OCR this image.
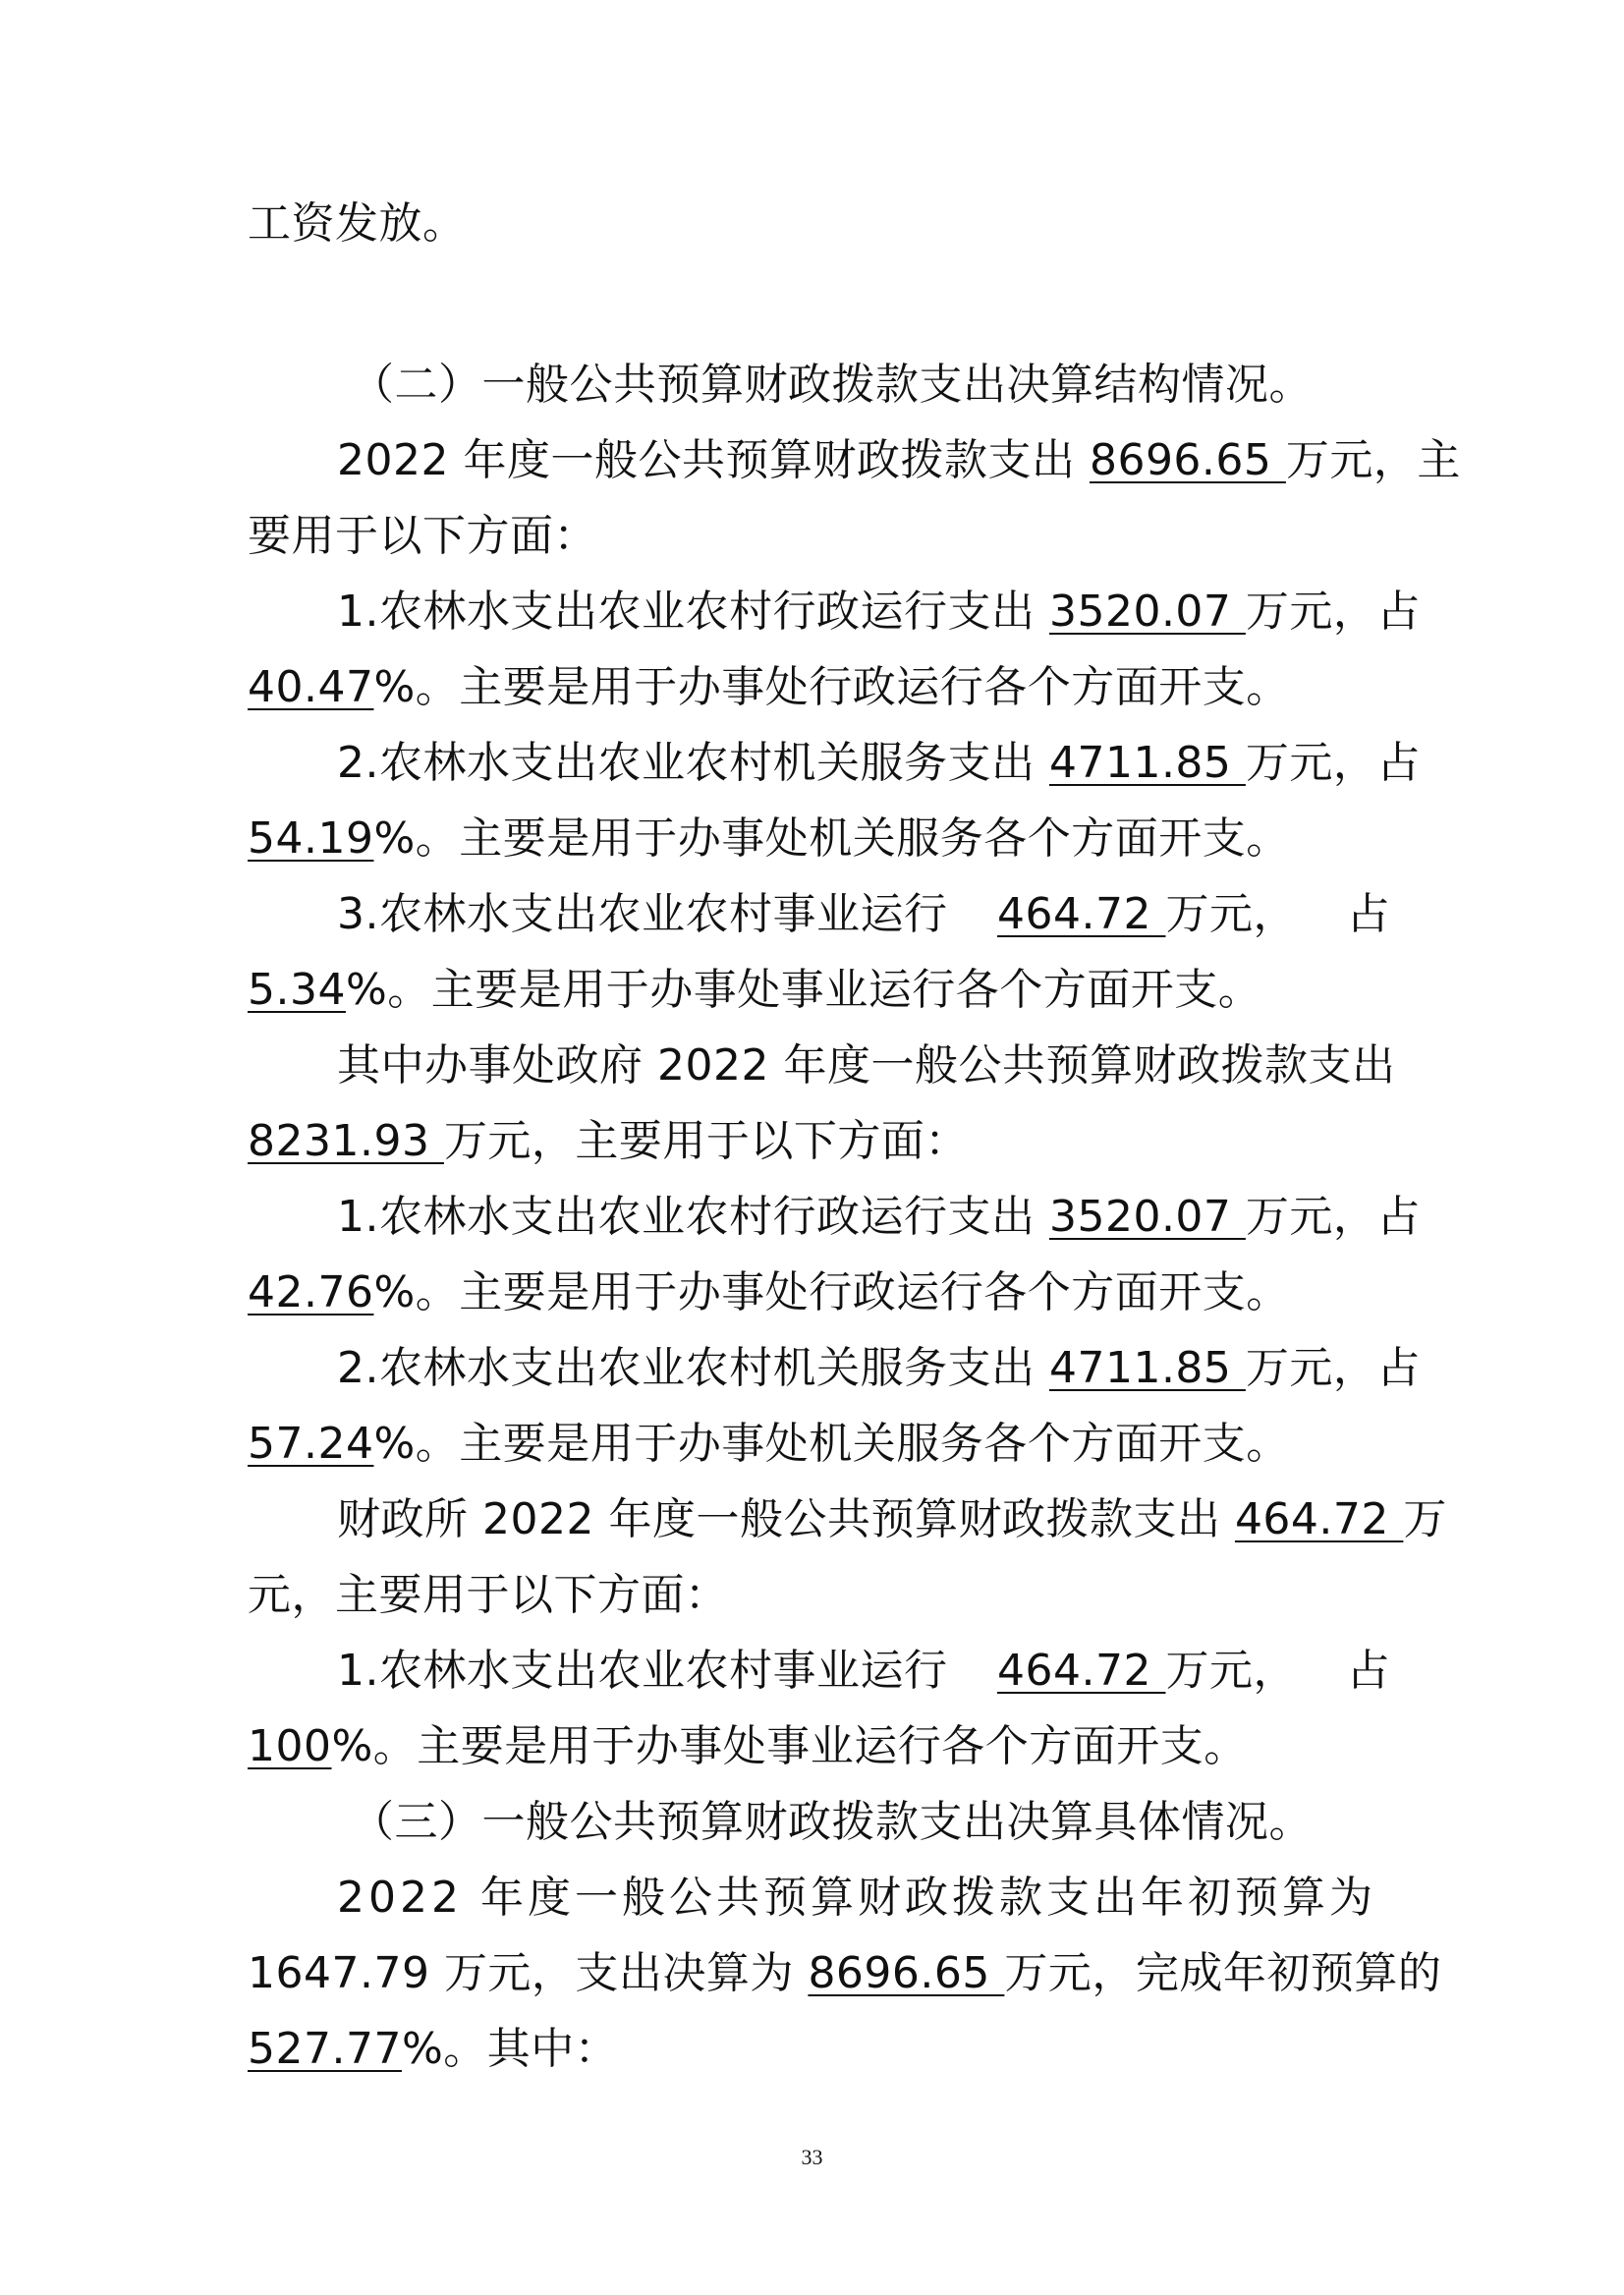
工资发放。
（二）一般公共预算财政拨款支出决算结构情况。
2022 年度一般公共预算财政拨款支出 8696.65 万元，主
要用于以下方面：
1.农林水支出农业农村行政运行支出 3520.07 万元，占
40.47%。主要是用于办事处行政运行各个方面开支。
2.农林水支出农业农村机关服务支出 4711.85 万元，占
54.19%。主要是用于办事处机关服务各个方面开支。
3.农林水支出农业农村事业运行 464.72 万元， 占
5.34%。主要是用于办事处事业运行各个方面开支。
其中办事处政府 2022 年度一般公共预算财政拨款支出
8231.93 万元，主要用于以下方面：
1.农林水支出农业农村行政运行支出 3520.07 万元，占
42.76%。主要是用于办事处行政运行各个方面开支。
2.农林水支出农业农村机关服务支出 4711.85 万元，占
57.24%。主要是用于办事处机关服务各个方面开支。
财政所 2022 年度一般公共预算财政拨款支出 464.72 万
元，主要用于以下方面：
1.农林水支出农业农村事业运行 464.72 万元， 占
100%。主要是用于办事处事业运行各个方面开支。
（三）一般公共预算财政拨款支出决算具体情况。
2022 年度一般公共预算财政拨款支出年初预算为
1647.79 万元，支出决算为 8696.65 万元，完成年初预算的
527.77%。其中：
33
